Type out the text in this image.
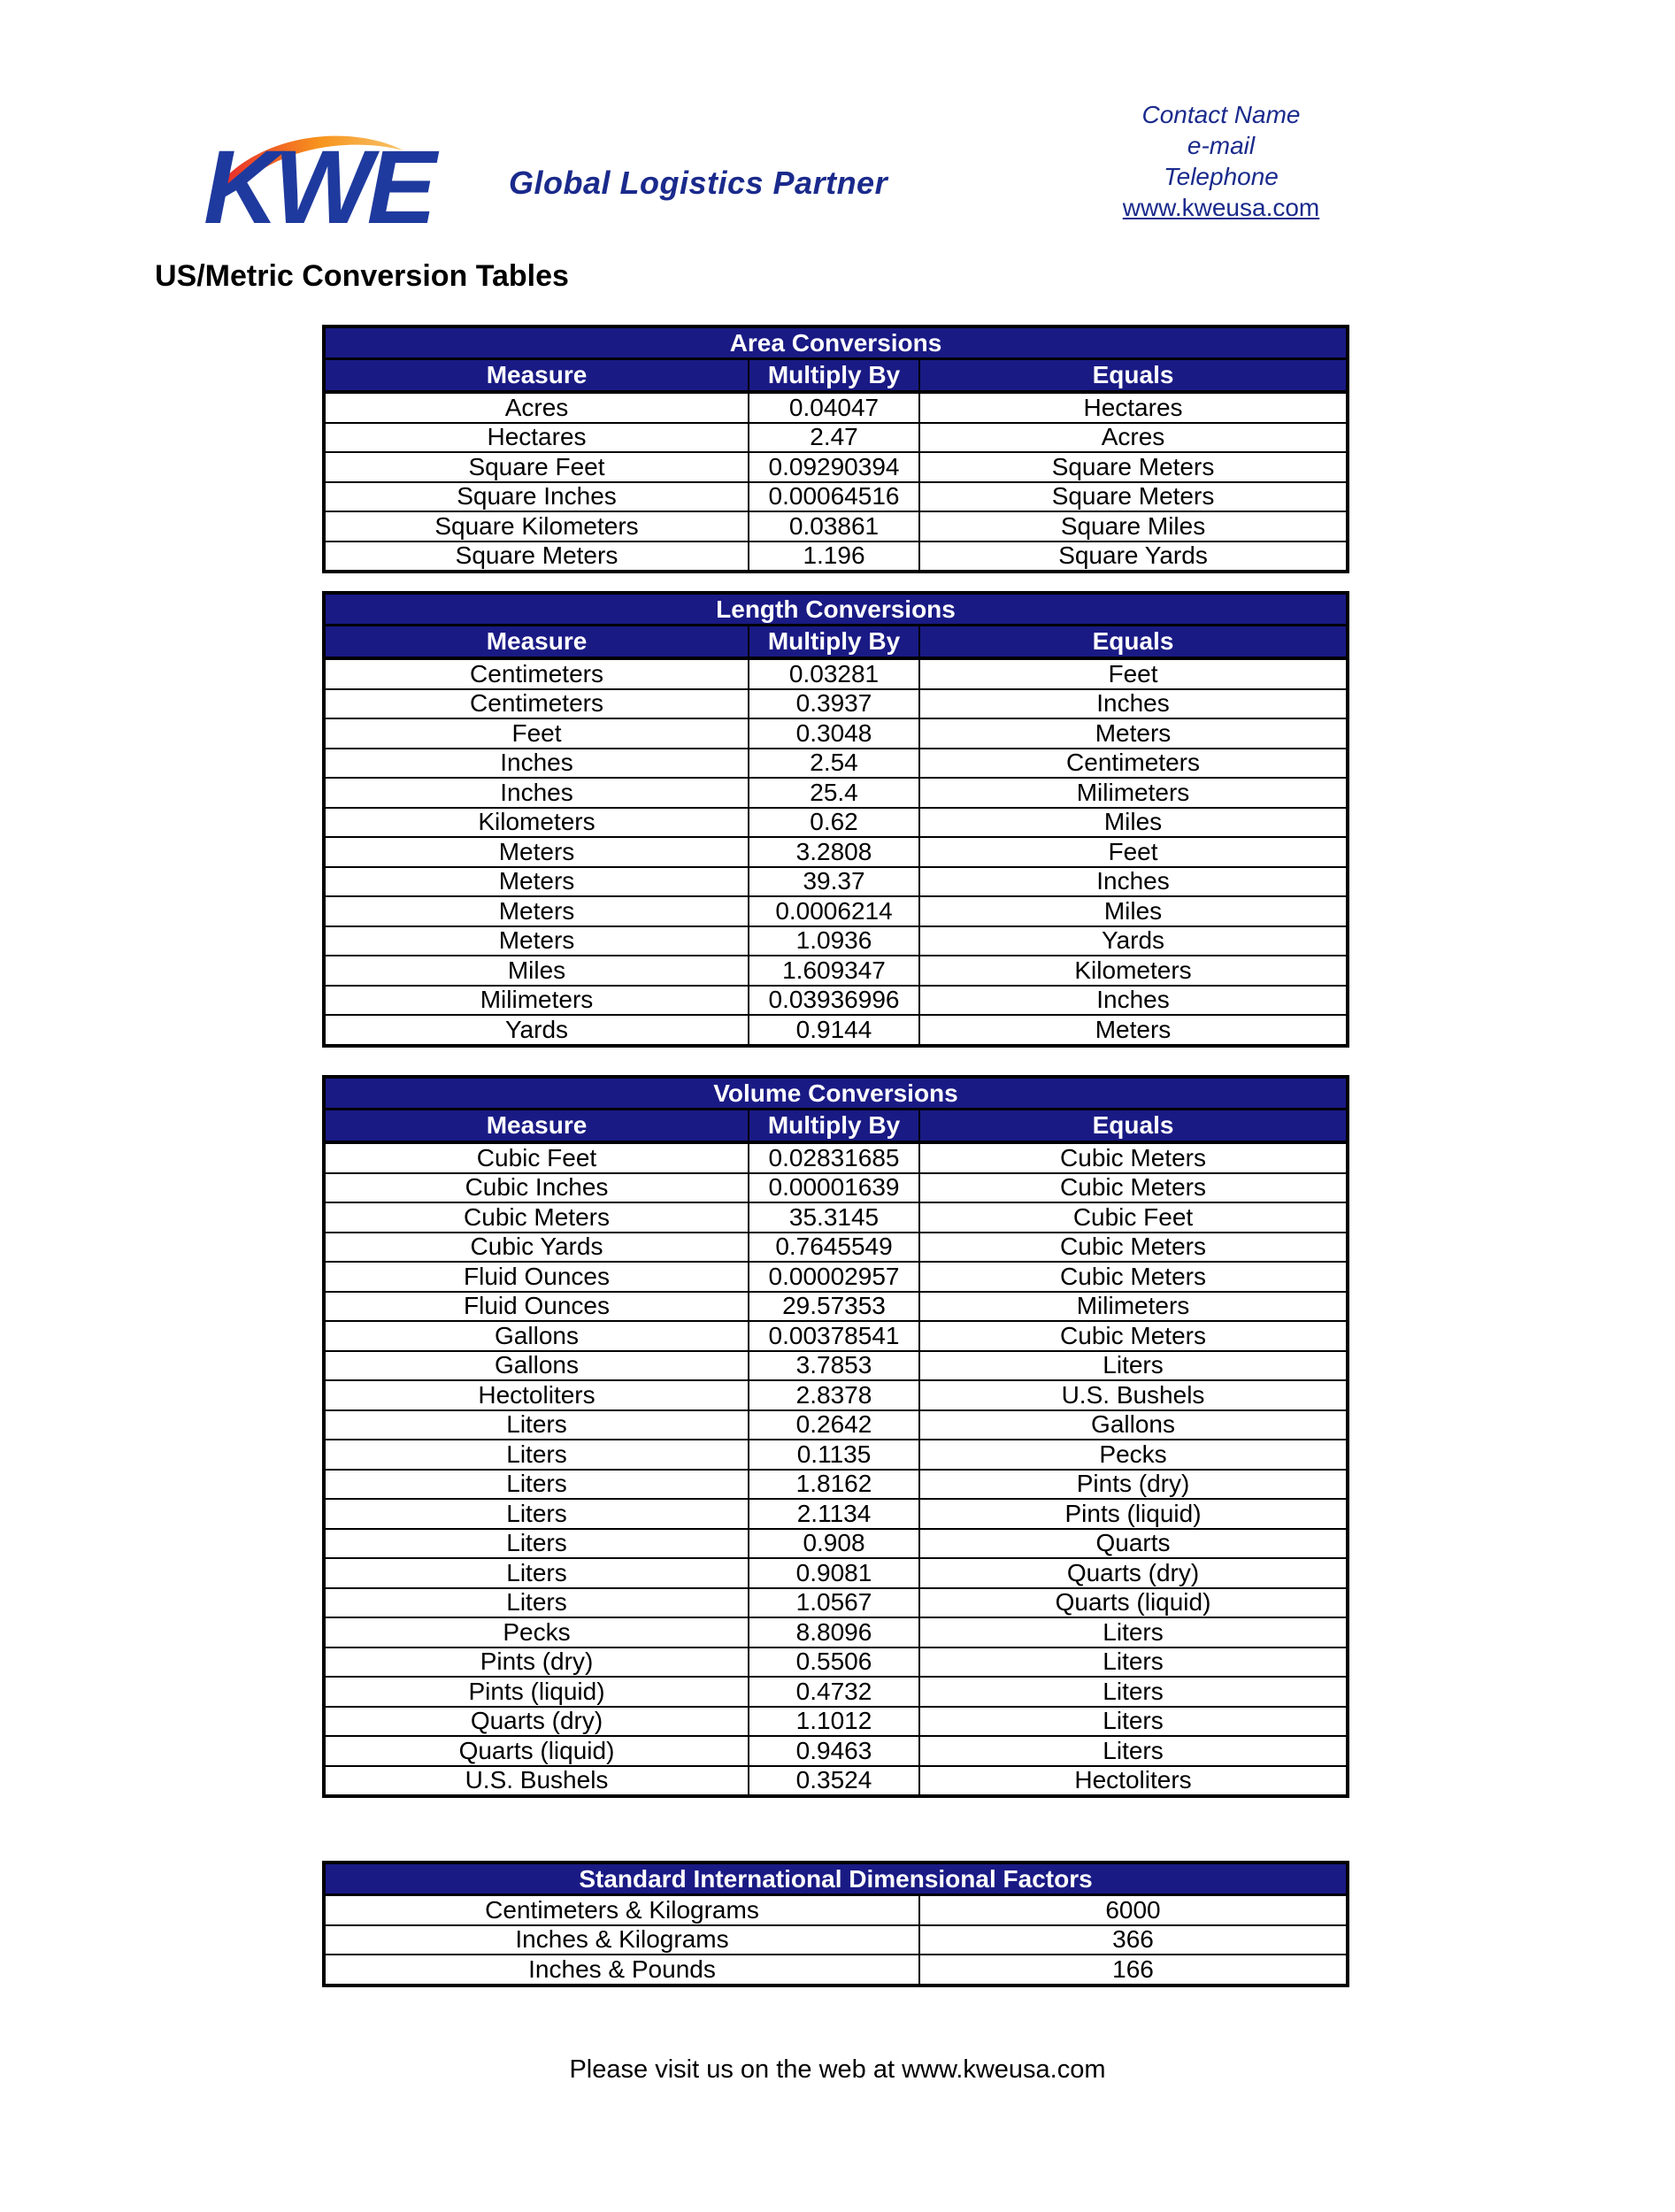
KWE Global Logistics Partner
Contact Name
e-mail
Telephone
www.kweusa.com
US/Metric Conversion Tables
Area Conversions		
Measure	Multiply By	Equals
Acres	0.04047	Hectares
Hectares	2.47	Acres
Square Feet	0.09290394	Square Meters
Square Inches	0.00064516	Square Meters
Square Kilometers	0.03861	Square Miles
Square Meters	1.196	Square Yards
Length Conversions		
Measure	Multiply By	Equals
Centimeters	0.03281	Feet
Centimeters	0.3937	Inches
Feet	0.3048	Meters
Inches	2.54	Centimeters
Inches	25.4	Milimeters
Kilometers	0.62	Miles
Meters	3.2808	Feet
Meters	39.37	Inches
Meters	0.0006214	Miles
Meters	1.0936	Yards
Miles	1.609347	Kilometers
Milimeters	0.03936996	Inches
Yards	0.9144	Meters
Volume Conversions		
Measure	Multiply By	Equals
Cubic Feet	0.02831685	Cubic Meters
Cubic Inches	0.00001639	Cubic Meters
Cubic Meters	35.3145	Cubic Feet
Cubic Yards	0.7645549	Cubic Meters
Fluid Ounces	0.00002957	Cubic Meters
Fluid Ounces	29.57353	Milimeters
Gallons	0.00378541	Cubic Meters
Gallons	3.7853	Liters
Hectoliters	2.8378	U.S. Bushels
Liters	0.2642	Gallons
Liters	0.1135	Pecks
Liters	1.8162	Pints (dry)
Liters	2.1134	Pints (liquid)
Liters	0.908	Quarts
Liters	0.9081	Quarts (dry)
Liters	1.0567	Quarts (liquid)
Pecks	8.8096	Liters
Pints (dry)	0.5506	Liters
Pints (liquid)	0.4732	Liters
Quarts (dry)	1.1012	Liters
Quarts (liquid)	0.9463	Liters
U.S. Bushels	0.3524	Hectoliters
Standard International Dimensional Factors	
Centimeters & Kilograms	6000
Inches & Kilograms	366
Inches & Pounds	166
Please visit us on the web at www.kweusa.com
